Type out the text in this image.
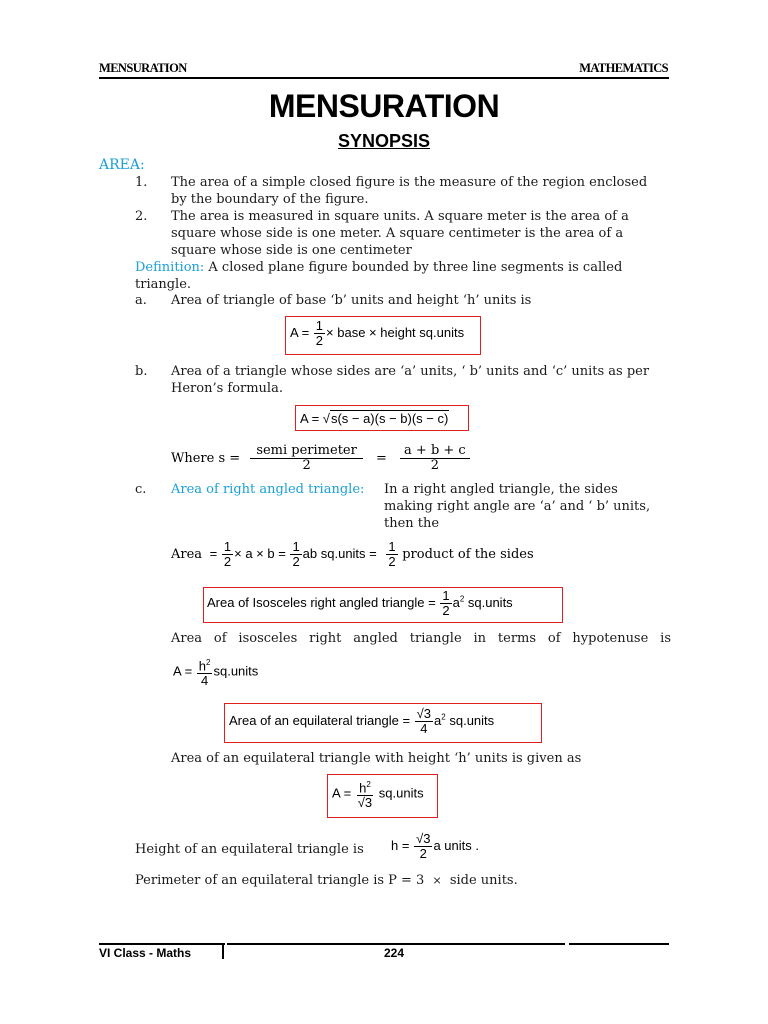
MENSURATION	MATHEMATICS
MENSURATION
SYNOPSIS
AREA:
1. The area of a simple closed figure is the measure of the region enclosed
by the boundary of the figure.
2. The area is measured in square units. A square meter is the area of a
square whose side is one meter. A square centimeter is the area of a
square whose side is one centimeter
Definition: A closed plane figure bounded by three line segments is called
triangle.
a. Area of triangle of base ‘b’ units and height ‘h’ units is
$A = \frac{1}{2}$ × base × height sq.units
b. Area of a triangle whose sides are ‘a’ units, ‘ b’ units and ‘c’ units as per
Heron’s formula.
A = √s(s − a)(s − b)(s − c)
Where $s = \frac{\text{semi perimeter}}{2} = \frac{a + b + c}{2}$
c. Area of right angled triangle: In a right angled triangle, the sides
making right angle are ‘a’ and ‘ b’ units,
then the
Area = $\frac{1}{2} \times a \times b = \frac{1}{2}$ ab sq.units = $\frac{1}{2}$ product of the sides
Area of Isosceles right angled triangle = $\frac{1}{2} a^2$ sq.units
Area of isosceles right angled triangle in terms of hypotenuse is
$A = \frac{h^2}{4}$ sq.units
Area of an equilateral triangle = $\frac{√3}{4} a^2$ sq.units
Area of an equilateral triangle with height ‘h’ units is given as
$A = \frac{h^2}{√3}$ sq.units
Height of an equilateral triangle is $h = \frac{√3}{2}$ a units .
Perimeter of an equilateral triangle is P = 3 × side units.
VI Class - Maths	224
